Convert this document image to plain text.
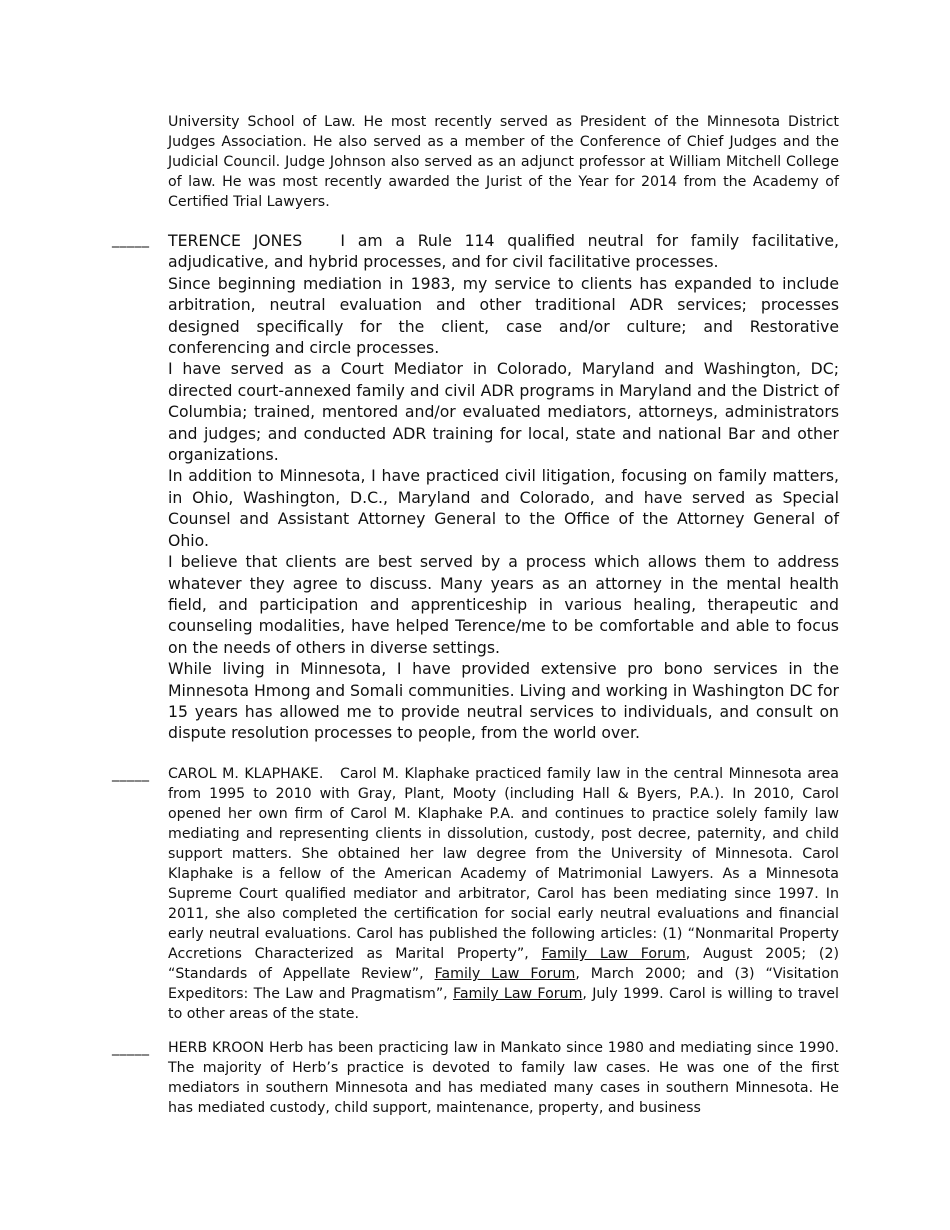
University School of Law. He most recently served as President of the Minnesota District Judges Association. He also served as a member of the Conference of Chief Judges and the Judicial Council. Judge Johnson also served as an adjunct professor at William Mitchell College of law. He was most recently awarded the Jurist of the Year for 2014 from the Academy of Certified Trial Lawyers.

_____	TERENCE JONES I am a Rule 114 qualified neutral for family facilitative, adjudicative, and hybrid processes, and for civil facilitative processes.

Since beginning mediation in 1983, my service to clients has expanded to include arbitration, neutral evaluation and other traditional ADR services; processes designed specifically for the client, case and/or culture; and Restorative conferencing and circle processes.

I have served as a Court Mediator in Colorado, Maryland and Washington, DC; directed court-annexed family and civil ADR programs in Maryland and the District of Columbia; trained, mentored and/or evaluated mediators, attorneys, administrators and judges; and conducted ADR training for local, state and national Bar and other organizations.

In addition to Minnesota, I have practiced civil litigation, focusing on family matters, in Ohio, Washington, D.C., Maryland and Colorado, and have served as Special Counsel and Assistant Attorney General to the Office of the Attorney General of Ohio.

I believe that clients are best served by a process which allows them to address whatever they agree to discuss. Many years as an attorney in the mental health field, and participation and apprenticeship in various healing, therapeutic and counseling modalities, have helped Terence/me to be comfortable and able to focus on the needs of others in diverse settings.

While living in Minnesota, I have provided extensive pro bono services in the Minnesota Hmong and Somali communities. Living and working in Washington DC for 15 years has allowed me to provide neutral services to individuals, and consult on dispute resolution processes to people, from the world over.

_____	CAROL M. KLAPHAKE. Carol M. Klaphake practiced family law in the central Minnesota area from 1995 to 2010 with Gray, Plant, Mooty (including Hall & Byers, P.A.). In 2010, Carol opened her own firm of Carol M. Klaphake P.A. and continues to practice solely family law mediating and representing clients in dissolution, custody, post decree, paternity, and child support matters. She obtained her law degree from the University of Minnesota. Carol Klaphake is a fellow of the American Academy of Matrimonial Lawyers. As a Minnesota Supreme Court qualified mediator and arbitrator, Carol has been mediating since 1997. In 2011, she also completed the certification for social early neutral evaluations and financial early neutral evaluations. Carol has published the following articles: (1) “Nonmarital Property Accretions Characterized as Marital Property”, Family Law Forum, August 2005; (2) “Standards of Appellate Review”, Family Law Forum, March 2000; and (3) “Visitation Expeditors: The Law and Pragmatism”, Family Law Forum, July 1999. Carol is willing to travel to other areas of the state.

_____	HERB KROON Herb has been practicing law in Mankato since 1980 and mediating since 1990. The majority of Herb’s practice is devoted to family law cases. He was one of the first mediators in southern Minnesota and has mediated many cases in southern Minnesota. He has mediated custody, child support, maintenance, property, and business
